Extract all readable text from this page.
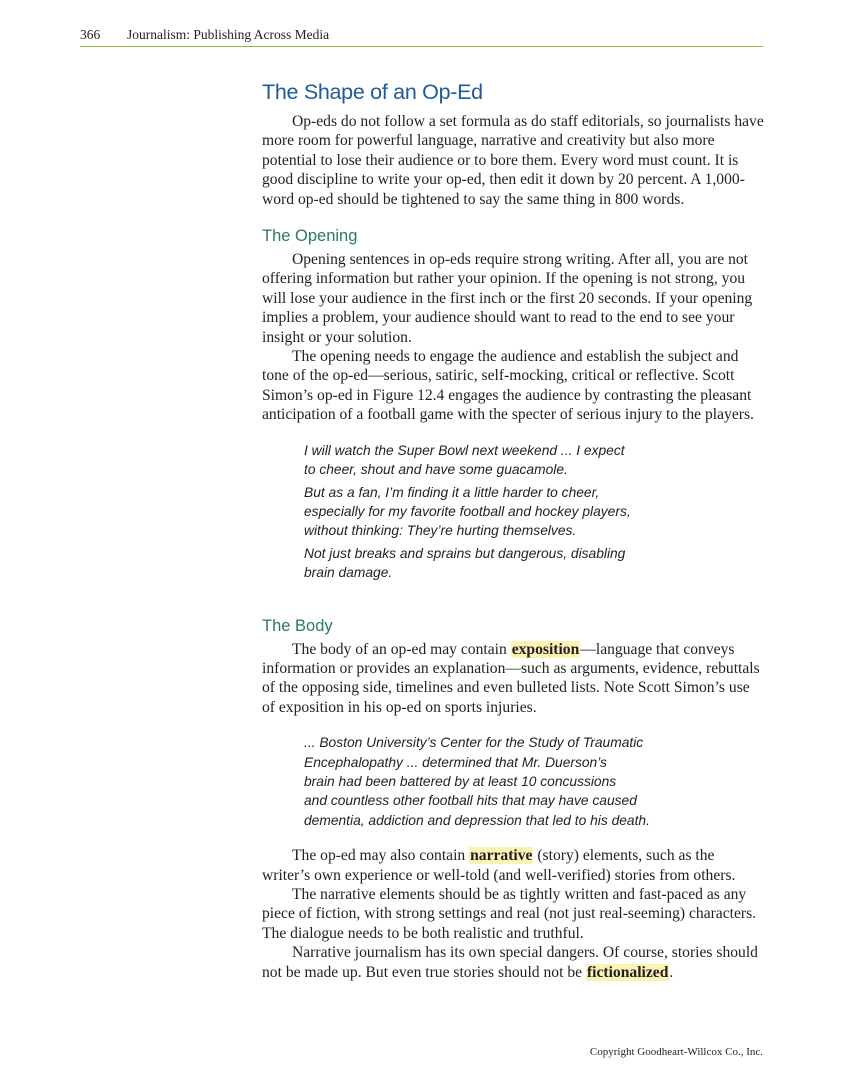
366 Journalism: Publishing Across Media
The Shape of an Op-Ed

Op-eds do not follow a set formula as do staff editorials, so journalists have more room for powerful language, narrative and creativity but also more potential to lose their audience or to bore them. Every word must count. It is good discipline to write your op-ed, then edit it down by 20 percent. A 1,000-word op-ed should be tightened to say the same thing in 800 words.

The Opening

Opening sentences in op-eds require strong writing. After all, you are not offering information but rather your opinion. If the opening is not strong, you will lose your audience in the first inch or the first 20 seconds. If your opening implies a problem, your audience should want to read to the end to see your insight or your solution.

The opening needs to engage the audience and establish the subject and tone of the op-ed—serious, satiric, self-mocking, critical or reflective. Scott Simon’s op-ed in Figure 12.4 engages the audience by contrasting the pleasant anticipation of a football game with the specter of serious injury to the players.

I will watch the Super Bowl next weekend ... I expect
to cheer, shout and have some guacamole.
But as a fan, I’m finding it a little harder to cheer,
especially for my favorite football and hockey players,
without thinking: They’re hurting themselves.
Not just breaks and sprains but dangerous, disabling
brain damage.
The Body

The body of an op-ed may contain exposition—language that conveys information or provides an explanation—such as arguments, evidence, rebuttals of the opposing side, timelines and even bulleted lists. Note Scott Simon’s use of exposition in his op-ed on sports injuries.

... Boston University’s Center for the Study of Traumatic
Encephalopathy ... determined that Mr. Duerson’s
brain had been battered by at least 10 concussions
and countless other football hits that may have caused
dementia, addiction and depression that led to his death.

The op-ed may also contain narrative (story) elements, such as the writer’s own experience or well-told (and well-verified) stories from others.

The narrative elements should be as tightly written and fast-paced as any piece of fiction, with strong settings and real (not just real-seeming) characters. The dialogue needs to be both realistic and truthful.

Narrative journalism has its own special dangers. Of course, stories should not be made up. But even true stories should not be fictionalized.

Copyright Goodheart-Willcox Co., Inc.
